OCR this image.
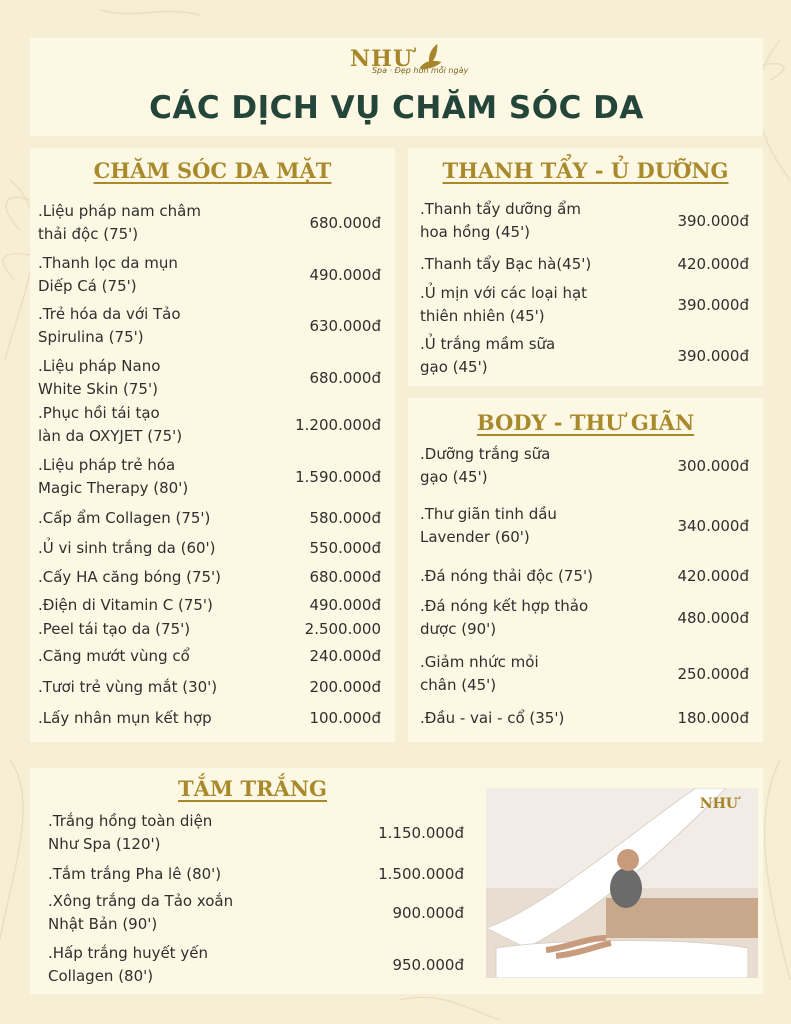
NHƯ
Spa · Đẹp hơn mỗi ngày
CÁC DỊCH VỤ CHĂM SÓC DA
CHĂM SÓC DA MẶT
.Liệu pháp nam châm
thải độc (75')
680.000đ
.Thanh lọc da mụn
Diếp Cá (75')
490.000đ
.Trẻ hóa da với Tảo
Spirulina (75')
630.000đ
.Liệu pháp Nano
White Skin (75')
680.000đ
.Phục hồi tái tạo
làn da OXYJET (75')
1.200.000đ
.Liệu pháp trẻ hóa
Magic Therapy (80')
1.590.000đ
.Cấp ẩm Collagen (75')	580.000đ
.Ủ vi sinh trắng da (60')	550.000đ
.Cấy HA căng bóng (75')	680.000đ
.Điện di Vitamin C (75')	490.000đ
.Peel tái tạo da (75')	2.500.000
.Căng mướt vùng cổ	240.000đ
.Tươi trẻ vùng mắt (30')	200.000đ
.Lấy nhân mụn kết hợp	100.000đ
THANH TẨY - Ủ DƯỠNG
.Thanh tẩy dưỡng ẩm
hoa hồng (45')
390.000đ
.Thanh tẩy Bạc hà(45')	420.000đ
.Ủ mịn với các loại hạt
thiên nhiên (45')
390.000đ
.Ủ trắng mầm sữa
gạo (45')
390.000đ
BODY - THƯ GIÃN
.Dưỡng trắng sữa
gạo (45')
300.000đ
.Thư giãn tinh dầu
Lavender (60')
340.000đ
.Đá nóng thải độc (75')	420.000đ
.Đá nóng kết hợp thảo
dược (90')
480.000đ
.Giảm nhức mỏi
chân (45')
250.000đ
.Đầu - vai - cổ (35')	180.000đ
TẮM TRẮNG
.Trắng hồng toàn diện
Như Spa (120')
1.150.000đ
.Tắm trắng Pha lê (80')	1.500.000đ
.Xông trắng da Tảo xoắn
Nhật Bản (90')
900.000đ
.Hấp trắng huyết yến
Collagen (80')
950.000đ
NHƯ
